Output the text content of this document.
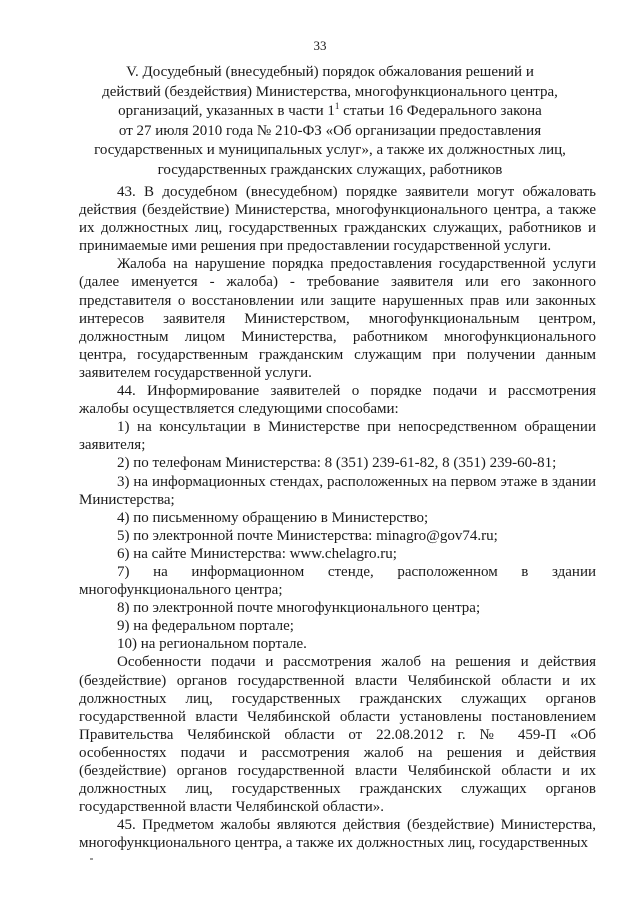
33
V. Досудебный (внесудебный) порядок обжалования решений и
действий (бездействия) Министерства, многофункционального центра,
организаций, указанных в части $1^1$ статьи 16 Федерального закона
от 27 июля 2010 года № 210-ФЗ «Об организации предоставления
государственных и муниципальных услуг», а также их должностных лиц,
государственных гражданских служащих, работников
43. В досудебном (внесудебном) порядке заявители могут обжаловать действия (бездействие) Министерства, многофункционального центра, а также их должностных лиц, государственных гражданских служащих, работников и принимаемые ими решения при предоставлении государственной услуги.
Жалоба на нарушение порядка предоставления государственной услуги (далее именуется - жалоба) - требование заявителя или его законного представителя о восстановлении или защите нарушенных прав или законных интересов заявителя Министерством, многофункциональным центром, должностным лицом Министерства, работником многофункционального центра, государственным гражданским служащим при получении данным заявителем государственной услуги.
44. Информирование заявителей о порядке подачи и рассмотрения жалобы осуществляется следующими способами:
1) на консультации в Министерстве при непосредственном обращении заявителя;
2) по телефонам Министерства: 8 (351) 239-61-82, 8 (351) 239-60-81;
3) на информационных стендах, расположенных на первом этаже в здании Министерства;
4) по письменному обращению в Министерство;
5) по электронной почте Министерства: minagro@gov74.ru;
6) на сайте Министерства: www.chelagro.ru;
7) на информационном стенде, расположенном в здании многофункционального центра;
8) по электронной почте многофункционального центра;
9) на федеральном портале;
10) на региональном портале.
Особенности подачи и рассмотрения жалоб на решения и действия (бездействие) органов государственной власти Челябинской области и их должностных лиц, государственных гражданских служащих органов государственной власти Челябинской области установлены постановлением Правительства Челябинской области от 22.08.2012 г. № 459-П «Об особенностях подачи и рассмотрения жалоб на решения и действия (бездействие) органов государственной власти Челябинской области и их должностных лиц, государственных гражданских служащих органов государственной власти Челябинской области».
45. Предметом жалобы являются действия (бездействие) Министерства, многофункционального центра, а также их должностных лиц, государственных
